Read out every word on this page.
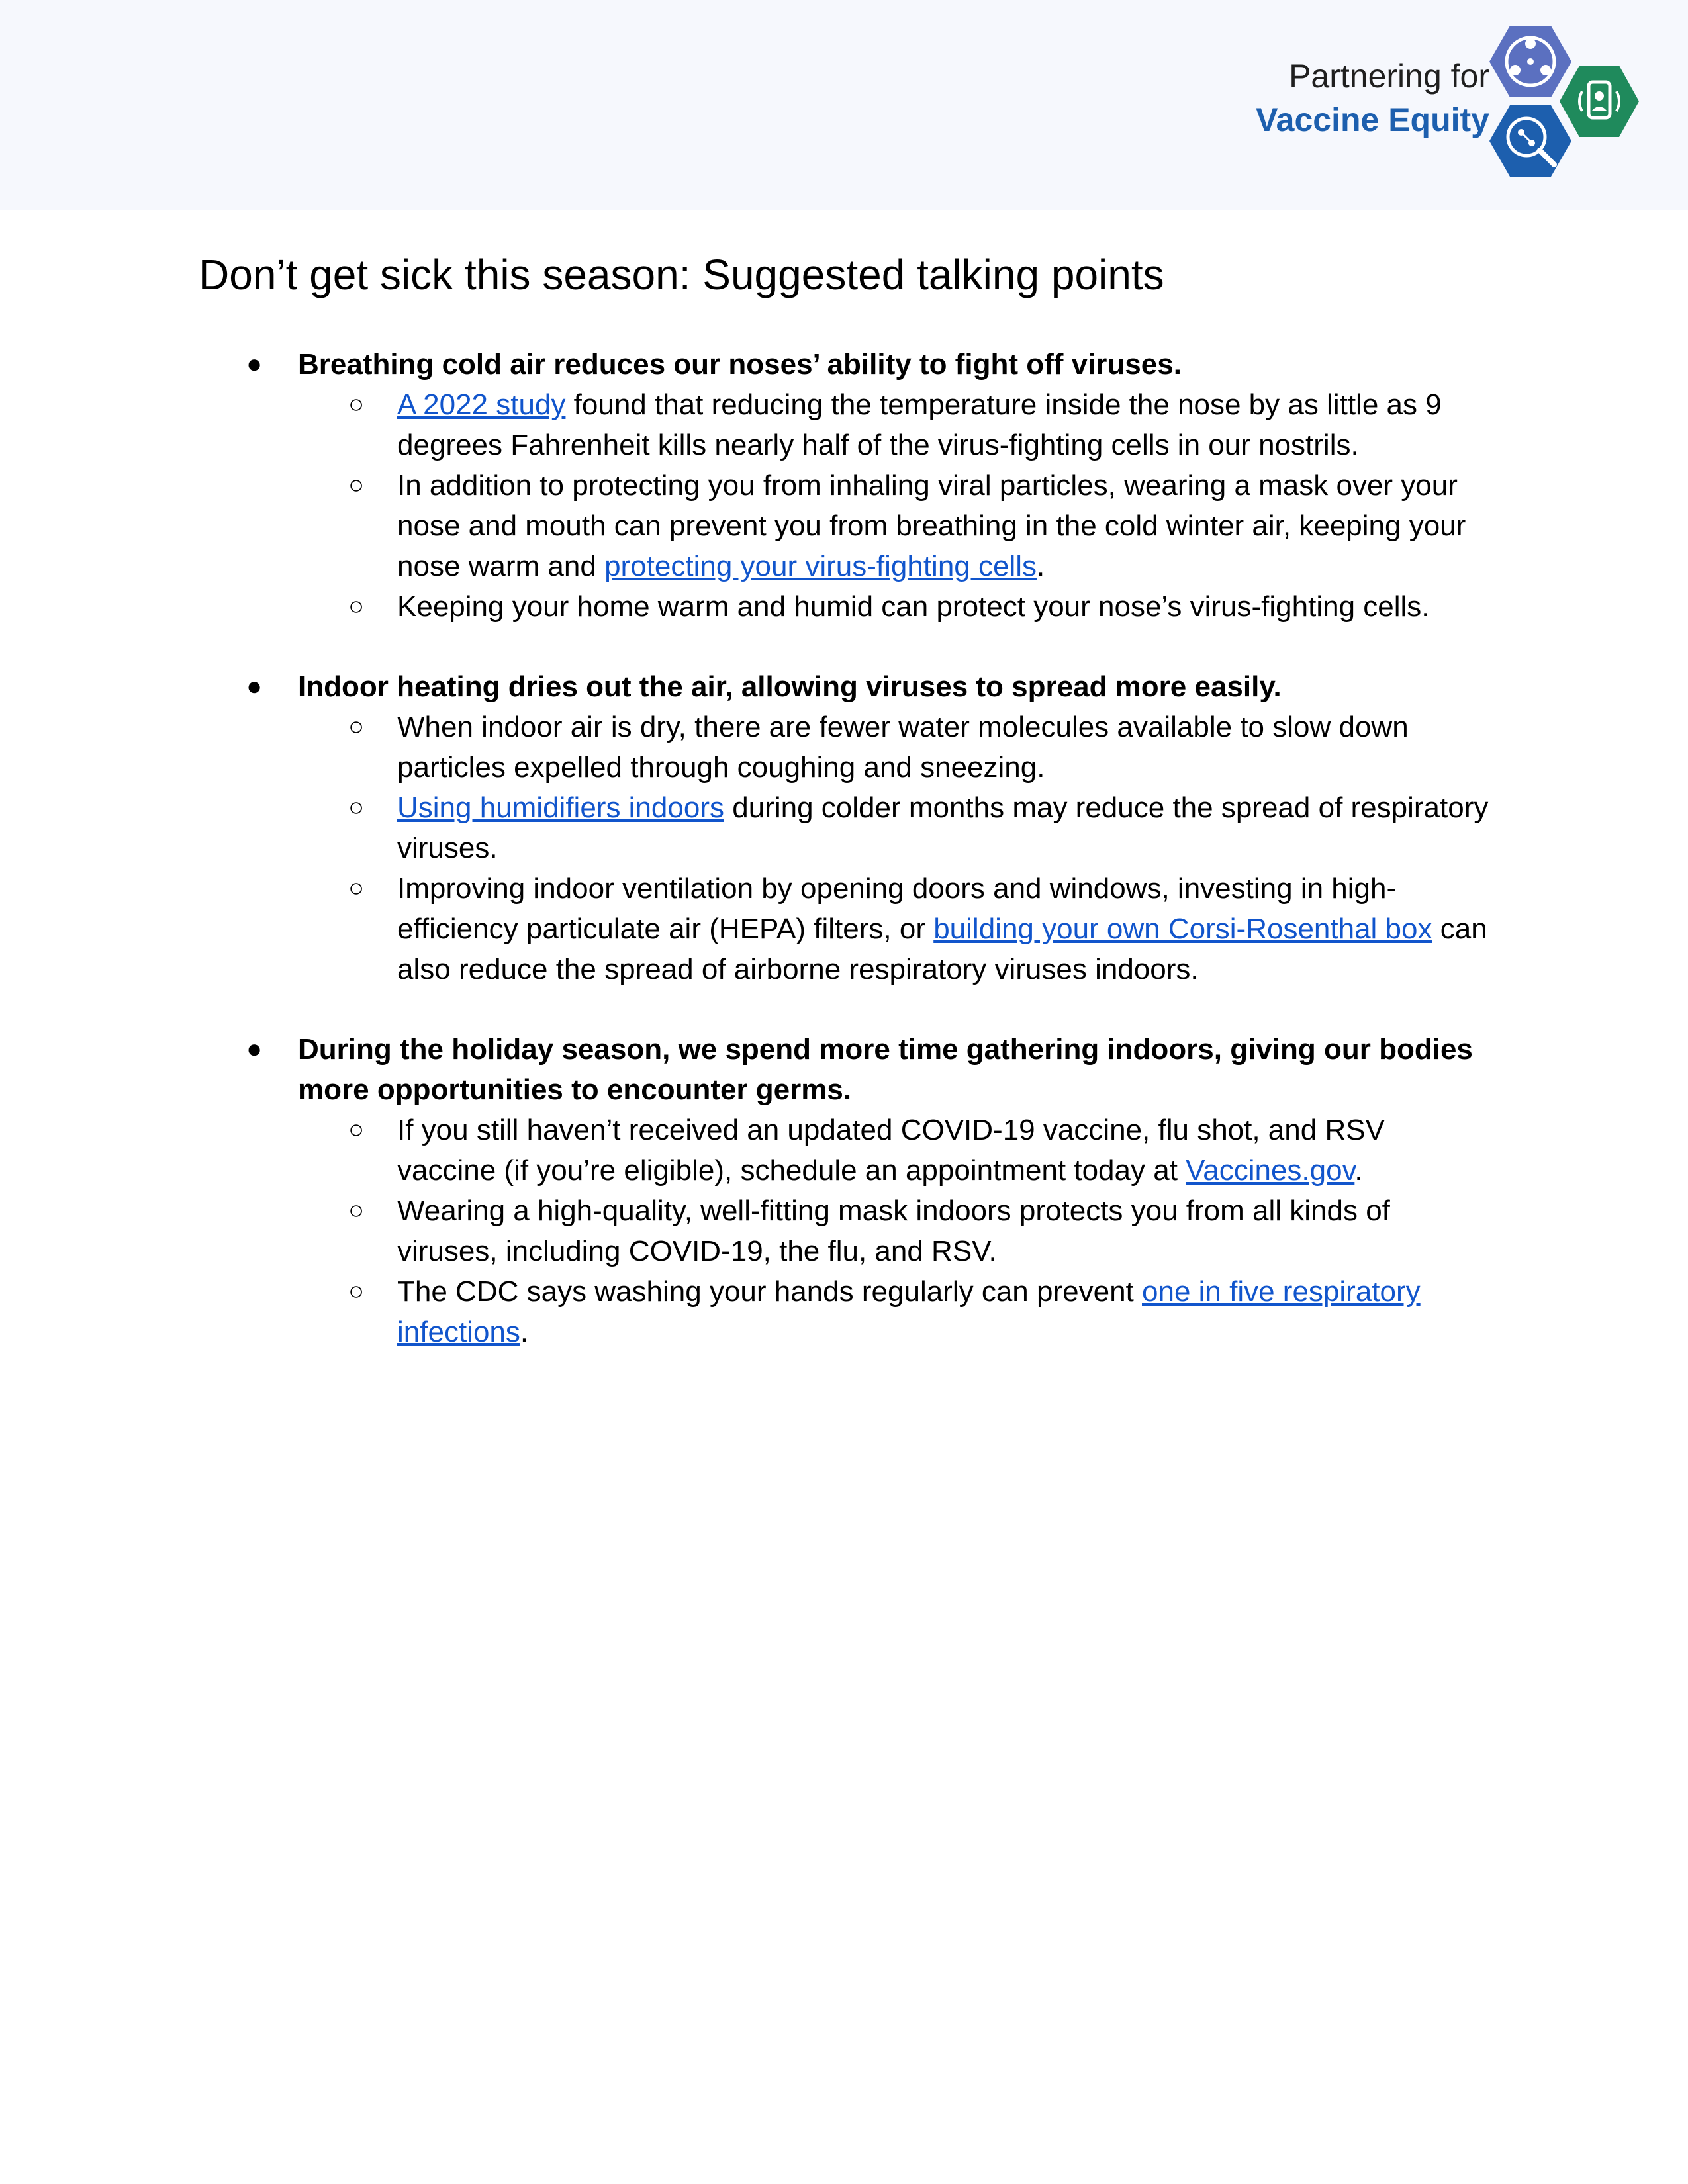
Partnering for
Vaccine Equity
Don’t get sick this season: Suggested talking points
● Breathing cold air reduces our noses’ ability to fight off viruses.
○ A 2022 study found that reducing the temperature inside the nose by as little as 9 degrees Fahrenheit kills nearly half of the virus-fighting cells in our nostrils.
○ In addition to protecting you from inhaling viral particles, wearing a mask over your nose and mouth can prevent you from breathing in the cold winter air, keeping your nose warm and protecting your virus-fighting cells.
○ Keeping your home warm and humid can protect your nose’s virus-fighting cells.
● Indoor heating dries out the air, allowing viruses to spread more easily.
○ When indoor air is dry, there are fewer water molecules available to slow down particles expelled through coughing and sneezing.
○ Using humidifiers indoors during colder months may reduce the spread of respiratory viruses.
○ Improving indoor ventilation by opening doors and windows, investing in high-efficiency particulate air (HEPA) filters, or building your own Corsi-Rosenthal box can also reduce the spread of airborne respiratory viruses indoors.
● During the holiday season, we spend more time gathering indoors, giving our bodies more opportunities to encounter germs.
○ If you still haven’t received an updated COVID-19 vaccine, flu shot, and RSV vaccine (if you’re eligible), schedule an appointment today at Vaccines.gov.
○ Wearing a high-quality, well-fitting mask indoors protects you from all kinds of viruses, including COVID-19, the flu, and RSV.
○ The CDC says washing your hands regularly can prevent one in five respiratory infections.
